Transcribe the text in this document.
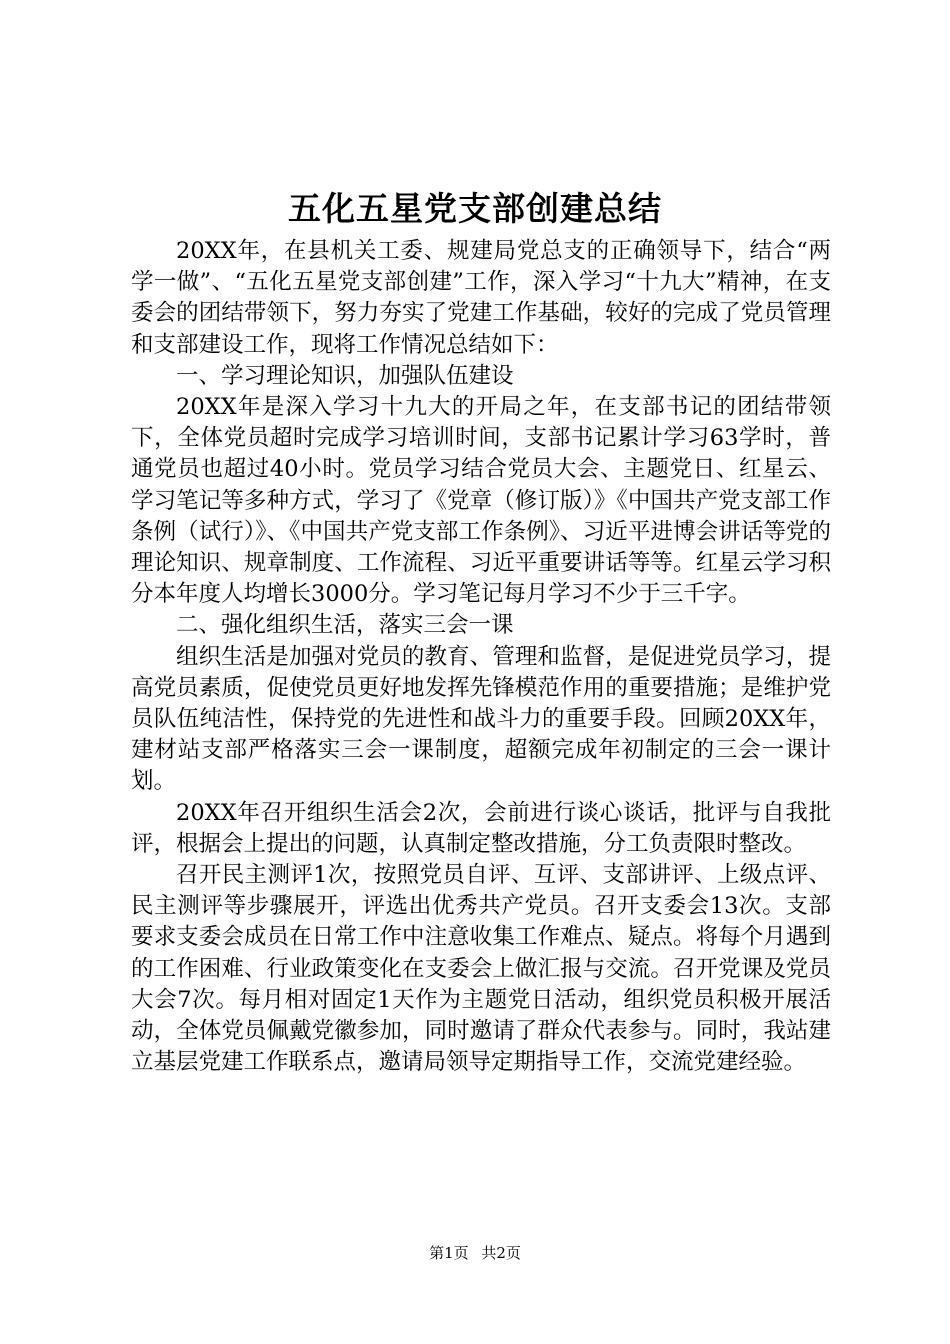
五化五星党支部创建总结

20XX年，在县机关工委、规建局党总支的正确领导下，结合“两学一做”、“五化五星党支部创建”工作，深入学习“十九大”精神，在支委会的团结带领下，努力夯实了党建工作基础，较好的完成了党员管理和支部建设工作，现将工作情况总结如下：

一、学习理论知识，加强队伍建设

20XX年是深入学习十九大的开局之年，在支部书记的团结带领下，全体党员超时完成学习培训时间，支部书记累计学习63学时，普通党员也超过40小时。党员学习结合党员大会、主题党日、红星云、学习笔记等多种方式，学习了《党章（修订版）》《中国共产党支部工作条例（试行）》、《中国共产党支部工作条例》、习近平进博会讲话等党的理论知识、规章制度、工作流程、习近平重要讲话等等。红星云学习积分本年度人均增长3000分。学习笔记每月学习不少于三千字。

二、强化组织生活，落实三会一课

组织生活是加强对党员的教育、管理和监督，是促进党员学习，提高党员素质，促使党员更好地发挥先锋模范作用的重要措施；是维护党员队伍纯洁性，保持党的先进性和战斗力的重要手段。回顾20XX年，建材站支部严格落实三会一课制度，超额完成年初制定的三会一课计划。

20XX年召开组织生活会2次，会前进行谈心谈话，批评与自我批评，根据会上提出的问题，认真制定整改措施，分工负责限时整改。

召开民主测评1次，按照党员自评、互评、支部讲评、上级点评、民主测评等步骤展开，评选出优秀共产党员。召开支委会13次。支部要求支委会成员在日常工作中注意收集工作难点、疑点。将每个月遇到的工作困难、行业政策变化在支委会上做汇报与交流。召开党课及党员大会7次。每月相对固定1天作为主题党日活动，组织党员积极开展活动，全体党员佩戴党徽参加，同时邀请了群众代表参与。同时，我站建立基层党建工作联系点，邀请局领导定期指导工作，交流党建经验。

第1页 共2页
